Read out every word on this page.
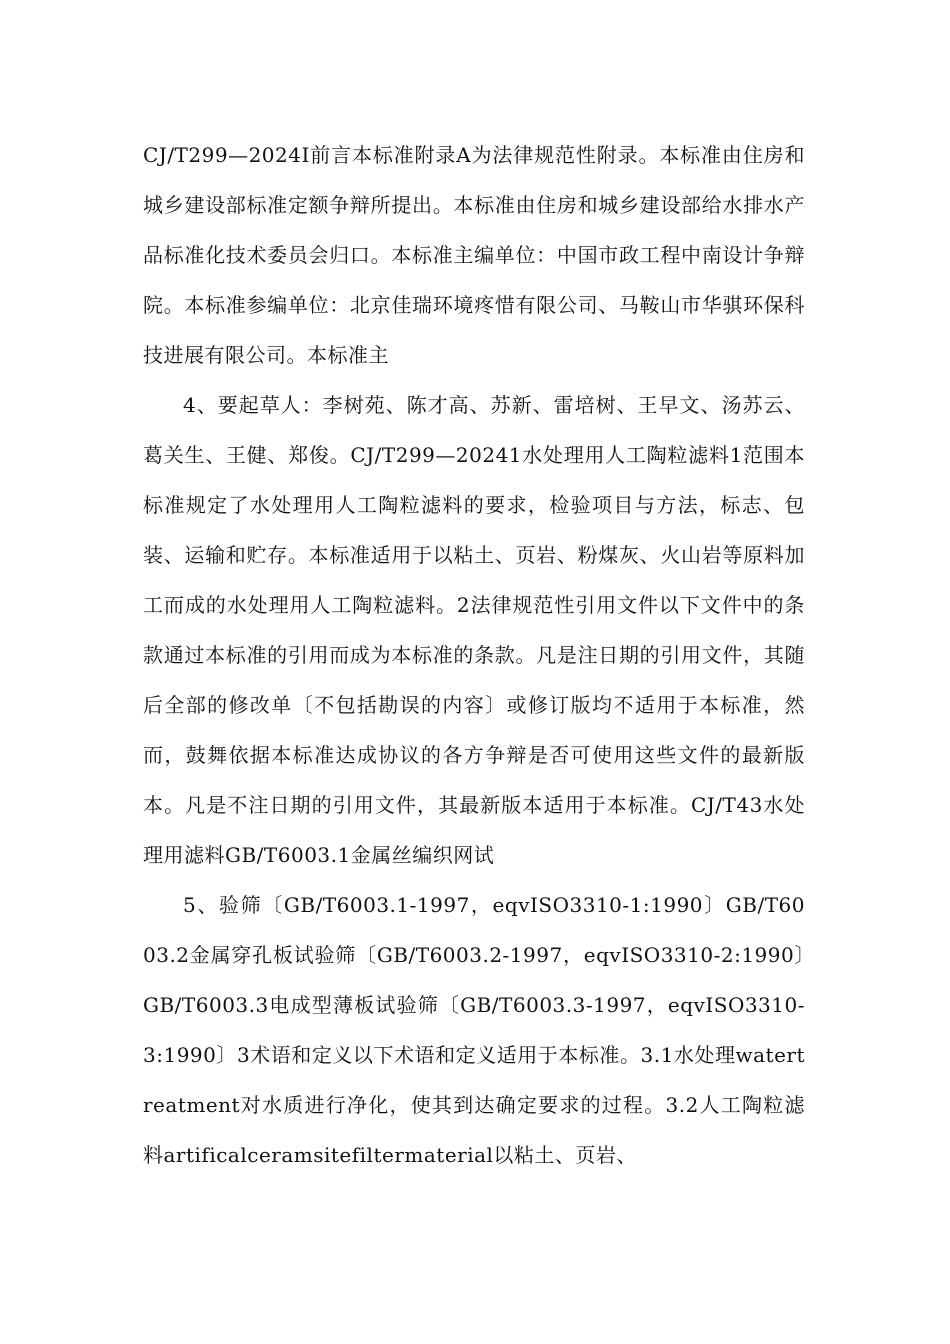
CJ/T299—2024I前言本标准附录A为法律规范性附录。本标准由住房和城乡建设部标准定额争辩所提出。本标准由住房和城乡建设部给水排水产品标准化技术委员会归口。本标准主编单位：中国市政工程中南设计争辩院。本标准参编单位：北京佳瑞环境疼惜有限公司、马鞍山市华骐环保科技进展有限公司。本标准主

4、要起草人：李树苑、陈才高、苏新、雷培树、王早文、汤苏云、葛关生、王健、郑俊。CJ/T299—20241水处理用人工陶粒滤料1范围本标准规定了水处理用人工陶粒滤料的要求，检验项目与方法，标志、包装、运输和贮存。本标准适用于以粘土、页岩、粉煤灰、火山岩等原料加工而成的水处理用人工陶粒滤料。2法律规范性引用文件以下文件中的条款通过本标准的引用而成为本标准的条款。凡是注日期的引用文件，其随后全部的修改单〔不包括勘误的内容〕或修订版均不适用于本标准，然而，鼓舞依据本标准达成协议的各方争辩是否可使用这些文件的最新版本。凡是不注日期的引用文件，其最新版本适用于本标准。CJ/T43水处理用滤料GB/T6003.1金属丝编织网试

5、验筛〔GB/T6003.1-1997，eqvISO3310-1:1990〕GB/T6003.2金属穿孔板试验筛〔GB/T6003.2-1997，eqvISO3310-2:1990〕GB/T6003.3电成型薄板试验筛〔GB/T6003.3-1997，eqvISO3310-3:1990〕3术语和定义以下术语和定义适用于本标准。3.1水处理watertreatment对水质进行净化，使其到达确定要求的过程。3.2人工陶粒滤料artificalceramsitefiltermaterial以粘土、页岩、
